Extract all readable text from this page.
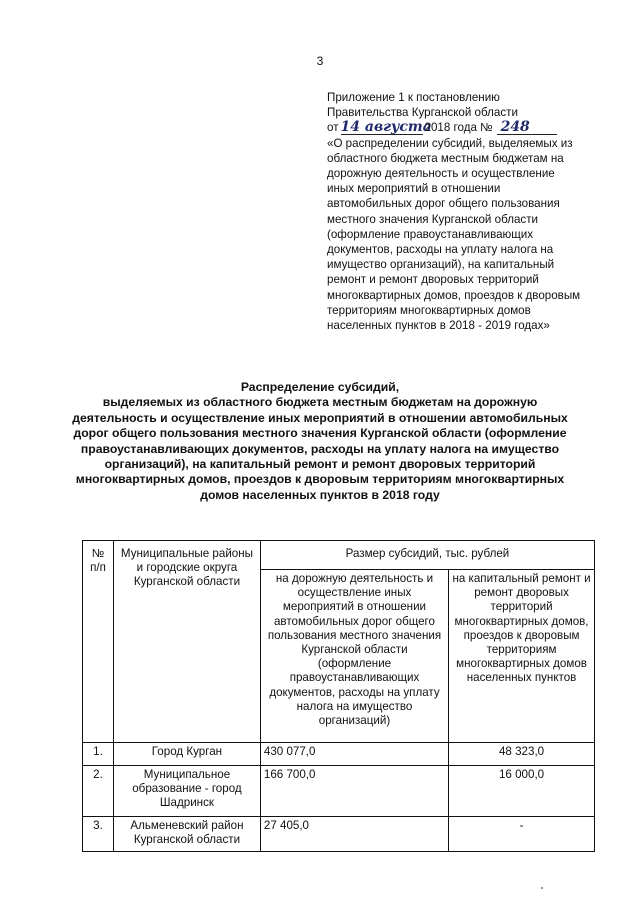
3
Приложение 1 к постановлению
Правительства Курганской области
от 14 августа2018 года № 248
«О распределении субсидий, выделяемых из
областного бюджета местным бюджетам на
дорожную деятельность и осуществление
иных мероприятий в отношении
автомобильных дорог общего пользования
местного значения Курганской области
(оформление правоустанавливающих
документов, расходы на уплату налога на
имущество организаций), на капитальный
ремонт и ремонт дворовых территорий
многоквартирных домов, проездов к дворовым
территориям многоквартирных домов
населенных пунктов в 2018 - 2019 годах»
Распределение субсидий,
выделяемых из областного бюджета местным бюджетам на дорожную
деятельность и осуществление иных мероприятий в отношении автомобильных
дорог общего пользования местного значения Курганской области (оформление
правоустанавливающих документов, расходы на уплату налога на имущество
организаций), на капитальный ремонт и ремонт дворовых территорий
многоквартирных домов, проездов к дворовым территориям многоквартирных
домов населенных пунктов в 2018 году
№ п/п	Муниципальные районы и городские округа Курганской области	Размер субсидий, тыс. рублей	
		на дорожную деятельность и осуществление иных мероприятий в отношении автомобильных дорог общего пользования местного значения Курганской области (оформление правоустанавливающих документов, расходы на уплату налога на имущество организаций)	на капитальный ремонт и ремонт дворовых территорий многоквартирных домов, проездов к дворовым территориям многоквартирных домов населенных пунктов
1.	Город Курган	430 077,0	48 323,0
2.	Муниципальное образование - город Шадринск	166 700,0	16 000,0
3.	Альменевский район Курганской области	27 405,0	-
